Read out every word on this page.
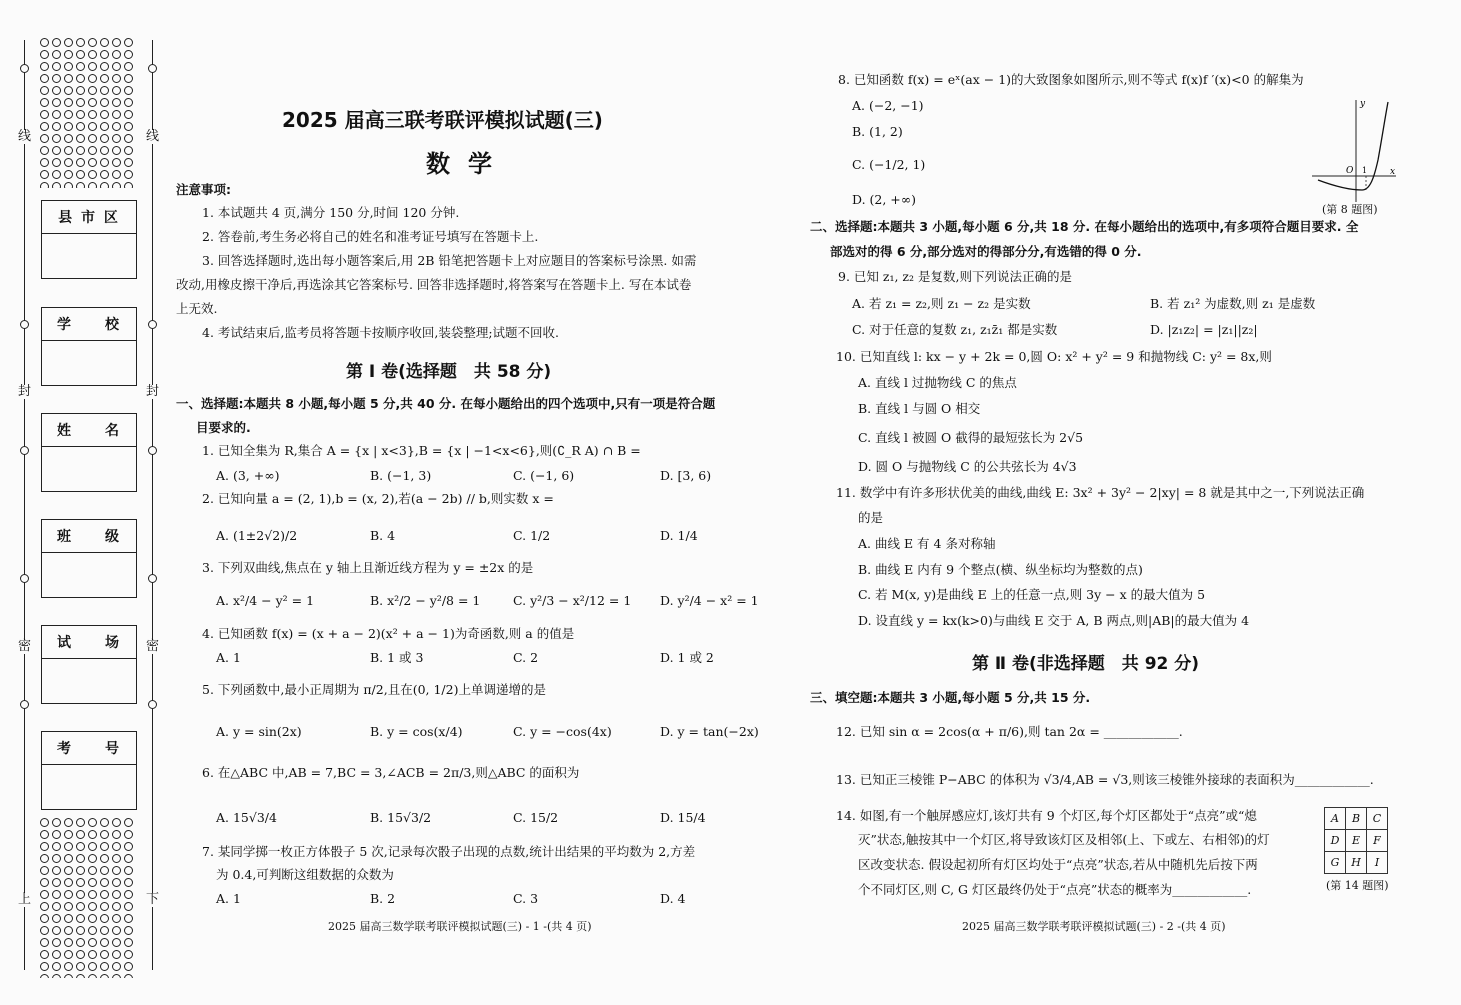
线
封
密
上
线
封
密
下
县 市 区
学　　校
姓　　名
班　　级
试　　场
考　　号
2025 届高三联考联评模拟试题(三)
数学
注意事项:
1. 本试题共 4 页,满分 150 分,时间 120 分钟.
2. 答卷前,考生务必将自己的姓名和准考证号填写在答题卡上.
3. 回答选择题时,选出每小题答案后,用 2B 铅笔把答题卡上对应题目的答案标号涂黑. 如需
改动,用橡皮擦干净后,再选涂其它答案标号. 回答非选择题时,将答案写在答题卡上. 写在本试卷
上无效.
4. 考试结束后,监考员将答题卡按顺序收回,装袋整理;试题不回收.
第 Ⅰ 卷(选择题　共 58 分)
一、选择题:本题共 8 小题,每小题 5 分,共 40 分. 在每小题给出的四个选项中,只有一项是符合题
目要求的.
1. 已知全集为 R,集合 A = {x | x<3},B = {x | −1<x<6},则(∁_R A) ∩ B =
A. (3, +∞)	B. (−1, 3)	C. (−1, 6)	D. [3, 6)
2. 已知向量 a = (2, 1),b = (x, 2),若(a − 2b) // b,则实数 x =
A. (1±2√2)/2	B. 4	C. 1/2	D. 1/4
3. 下列双曲线,焦点在 y 轴上且渐近线方程为 y = ±2x 的是
A. x²/4 − y² = 1	B. x²/2 − y²/8 = 1	C. y²/3 − x²/12 = 1 D. y²/4 − x² = 1
4. 已知函数 f(x) = (x + a − 2)(x² + a − 1)为奇函数,则 a 的值是
A. 1	B. 1 或 3	C. 2	D. 1 或 2
5. 下列函数中,最小正周期为 π/2,且在(0, 1/2)上单调递增的是
A. y = sin(2x)	B. y = cos(x/4)	C. y = −cos(4x)	D. y = tan(−2x)
6. 在△ABC 中,AB = 7,BC = 3,∠ACB = 2π/3,则△ABC 的面积为
A. 15√3/4	B. 15√3/2	C. 15/2	D. 15/4
7. 某同学掷一枚正方体骰子 5 次,记录每次骰子出现的点数,统计出结果的平均数为 2,方差
为 0.4,可判断这组数据的众数为
A. 1	B. 2	C. 3	D. 4
2025 届高三数学联考联评模拟试题(三) - 1 -(共 4 页)
8. 已知函数 f(x) = eˣ(ax − 1)的大致图象如图所示,则不等式 f(x)f ′(x)<0 的解集为
A. (−2, −1)
B. (1, 2)
C. (−1/2, 1)
D. (2, +∞)
y
O 1	x
(第 8 题图)
二、选择题:本题共 3 小题,每小题 6 分,共 18 分. 在每小题给出的选项中,有多项符合题目要求. 全
部选对的得 6 分,部分选对的得部分分,有选错的得 0 分.
9. 已知 z₁, z₂ 是复数,则下列说法正确的是
A. 若 z₁ = z₂,则 z₁ − z₂ 是实数	B. 若 z₁² 为虚数,则 z₁ 是虚数
C. 对于任意的复数 z₁, z₁z̄₁ 都是实数	D. |z₁z₂| = |z₁||z₂|
10. 已知直线 l: kx − y + 2k = 0,圆 O: x² + y² = 9 和抛物线 C: y² = 8x,则
A. 直线 l 过抛物线 C 的焦点
B. 直线 l 与圆 O 相交
C. 直线 l 被圆 O 截得的最短弦长为 2√5
D. 圆 O 与抛物线 C 的公共弦长为 4√3
11. 数学中有许多形状优美的曲线,曲线 E: 3x² + 3y² − 2|xy| = 8 就是其中之一,下列说法正确
的是
A. 曲线 E 有 4 条对称轴
B. 曲线 E 内有 9 个整点(横、纵坐标均为整数的点)
C. 若 M(x, y)是曲线 E 上的任意一点,则 3y − x 的最大值为 5
D. 设直线 y = kx(k>0)与曲线 E 交于 A, B 两点,则|AB|的最大值为 4
第 Ⅱ 卷(非选择题　共 92 分)
三、填空题:本题共 3 小题,每小题 5 分,共 15 分.
12. 已知 sin α = 2cos(α + π/6),则 tan 2α = ____________.
13. 已知正三棱锥 P−ABC 的体积为 √3/4,AB = √3,则该三棱锥外接球的表面积为____________.
14. 如图,有一个触屏感应灯,该灯共有 9 个灯区,每个灯区都处于“点亮”或“熄
灭”状态,触按其中一个灯区,将导致该灯区及相邻(上、下或左、右相邻)的灯
区改变状态. 假设起初所有灯区均处于“点亮”状态,若从中随机先后按下两
个不同灯区,则 C, G 灯区最终仍处于“点亮”状态的概率为____________.
A	B	C
D	E	F
G	H	I
(第 14 题图)
2025 届高三数学联考联评模拟试题(三) - 2 -(共 4 页)
